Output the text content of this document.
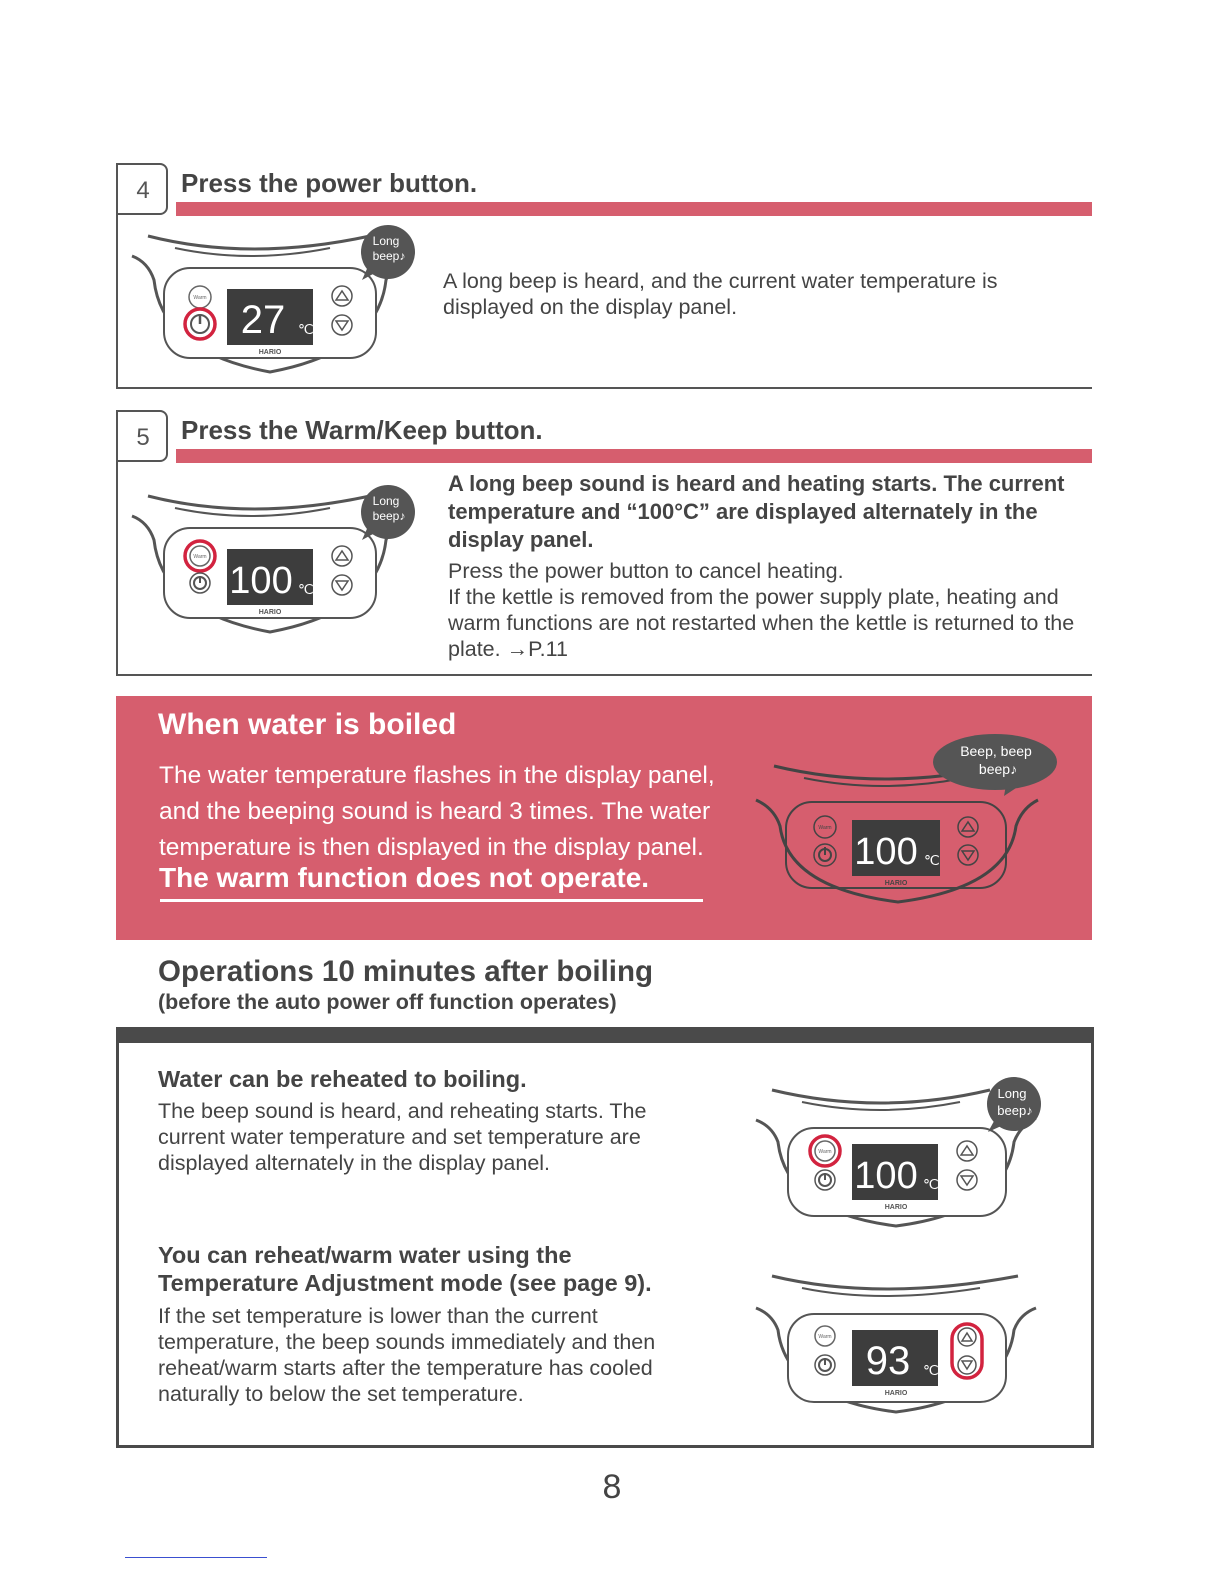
4	Press the power button.
Warm 27 ℃
HARIO
Long
beep♪
A long beep is heard, and the current water temperature is displayed on the display panel.
5	Press the Warm/Keep button.
Warm
100 ℃
HARIO
Long
beep♪
A long beep sound is heard and heating starts. The current temperature and “100°C” are displayed alternately in the display panel.
Press the power button to cancel heating.
If the kettle is removed from the power supply plate, heating and warm functions are not restarted when the kettle is returned to the plate. →P.11
When water is boiled
The water temperature flashes in the display panel, and the beeping sound is heard 3 times. The water temperature is then displayed in the display panel.
The warm function does not operate.
Warm
100 ℃
HARIO
Beep, beep
beep♪
Operations 10 minutes after boiling
(before the auto power off function operates)
Water can be reheated to boiling.
The beep sound is heard, and reheating starts. The current water temperature and set temperature are displayed alternately in the display panel.	Warm
100 ℃
HARIO
Long
beep♪
You can reheat/warm water using the
Temperature Adjustment mode (see page 9).
If the set temperature is lower than the current temperature, the beep sounds immediately and then reheat/warm starts after the temperature has cooled naturally to below the set temperature.
Warm
93 ℃
HARIO
8
